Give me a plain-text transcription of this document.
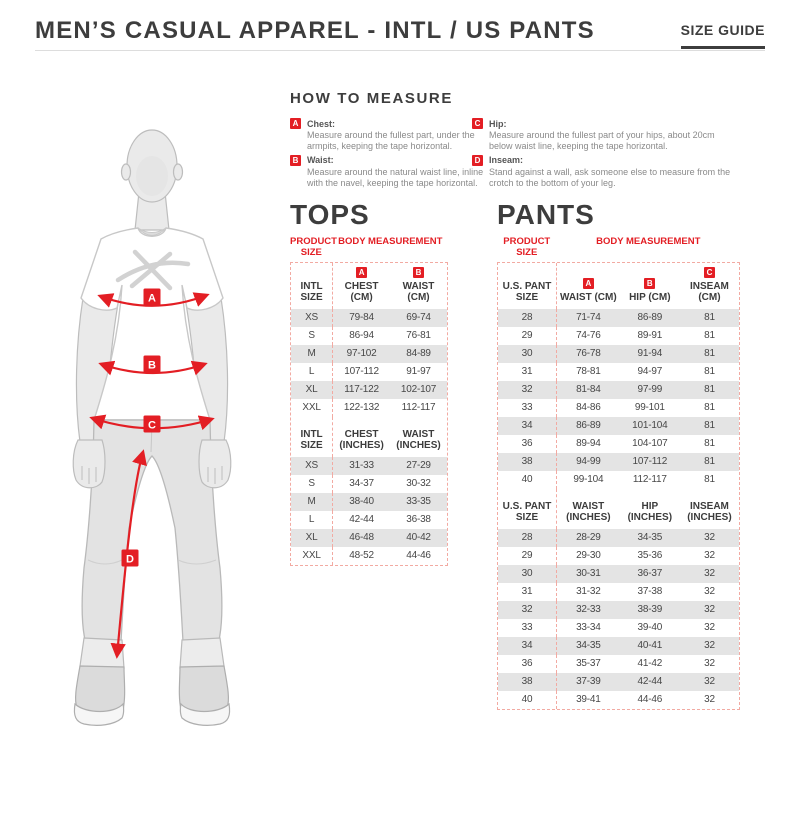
MEN’S CASUAL APPAREL - INTL / US PANTS	SIZE GUIDE
A
B
C
D
HOW TO MEASURE
A Chest:
Measure around the fullest part, under the armpits, keeping the tape horizontal.
B Waist:
Measure around the natural waist line, inline with the navel, keeping the tape horizontal.
C Hip:
Measure around the fullest part of your hips, about 20cm below waist line, keeping the tape horizontal.
D Inseam:
Stand against a wall, ask someone else to measure from the crotch to the bottom of your leg.
TOPS
PRODUCT SIZE
BODY MEASUREMENT
INTL SIZE
A
CHEST (CM)
B
WAIST (CM)
XS	79-84	69-74
S	86-94	76-81
M	97-102	84-89
L	107-112	91-97
XL	117-122	102-107
XXL	122-132	112-117
INTL SIZE
CHEST (INCHES)
WAIST (INCHES)
XS	31-33	27-29
S	34-37	30-32
M	38-40	33-35
L	42-44	36-38
XL	46-48	40-42
XXL	48-52	44-46
PANTS
PRODUCT SIZE
BODY MEASUREMENT
U.S. PANT SIZE
A
WAIST (CM)
B
HIP (CM)
C
INSEAM (CM)
28	71-74	86-89	81
29	74-76	89-91	81
30	76-78	91-94	81
31	78-81	94-97	81
32	81-84	97-99	81
33	84-86	99-101	81
34	86-89	101-104	81
36	89-94	104-107	81
38	94-99	107-112	81
40	99-104	112-117	81
U.S. PANT SIZE
WAIST (INCHES)
HIP (INCHES)
INSEAM (INCHES)
28	28-29	34-35	32
29	29-30	35-36	32
30	30-31	36-37	32
31	31-32	37-38	32
32	32-33	38-39	32
33	33-34	39-40	32
34	34-35	40-41	32
36	35-37	41-42	32
38	37-39	42-44	32
40	39-41	44-46	32
